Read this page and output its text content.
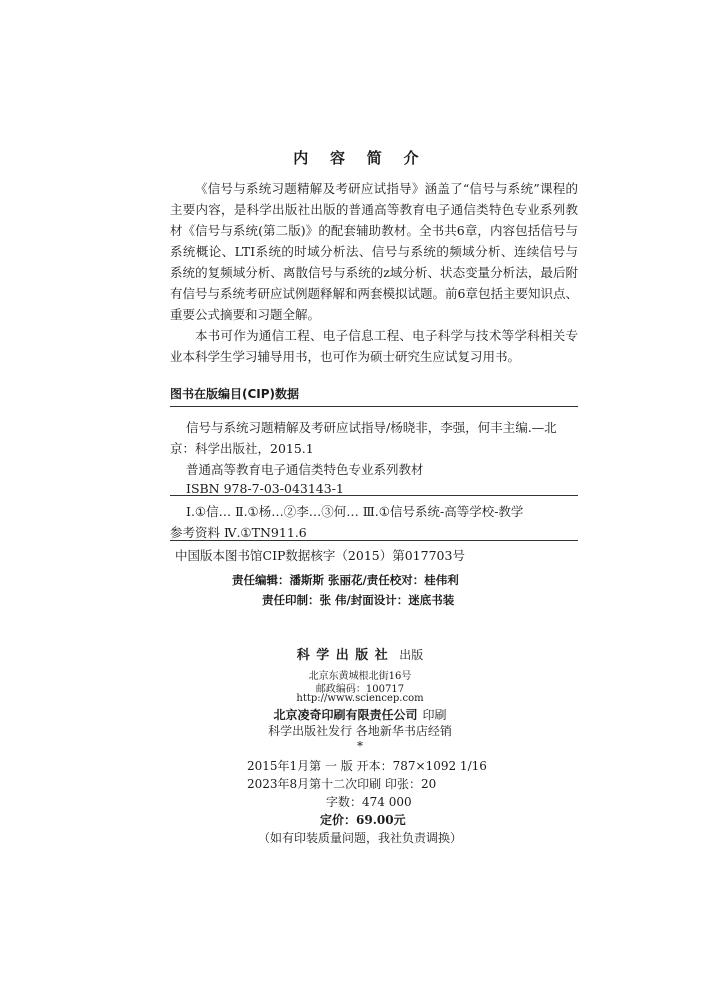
内 容 简 介

《信号与系统习题精解及考研应试指导》涵盖了“信号与系统”课程的主要内容，是科学出版社出版的普通高等教育电子通信类特色专业系列教材《信号与系统(第二版)》的配套辅助教材。全书共6章，内容包括信号与系统概论、LTI系统的时域分析法、信号与系统的频域分析、连续信号与系统的复频域分析、离散信号与系统的z域分析、状态变量分析法，最后附有信号与系统考研应试例题释解和两套模拟试题。前6章包括主要知识点、重要公式摘要和习题全解。

本书可作为通信工程、电子信息工程、电子科学与技术等学科相关专业本科学生学习辅导用书，也可作为硕士研究生应试复习用书。

图书在版编目(CIP)数据
信号与系统习题精解及考研应试指导/杨晓非，李强，何丰主编.—北
京：科学出版社，2015.1
普通高等教育电子通信类特色专业系列教材
ISBN 978-7-03-043143-1
Ⅰ.①信… Ⅱ.①杨…②李…③何… Ⅲ.①信号系统-高等学校-教学
参考资料 Ⅳ.①TN911.6
中国版本图书馆CIP数据核字（2015）第017703号
责任编辑：潘斯斯 张丽花/责任校对：桂伟利
责任印制：张 伟/封面设计：迷底书装
科学出版社 出版
北京东黄城根北街16号
邮政编码：100717
http://www.sciencep.com
北京凌奇印刷有限责任公司 印刷
科学出版社发行 各地新华书店经销
*
2015年1月第 一 版 开本：787×1092 1/16
2023年8月第十二次印刷 印张：20
字数：474 000
定价：69.00元
（如有印装质量问题，我社负责调换）
